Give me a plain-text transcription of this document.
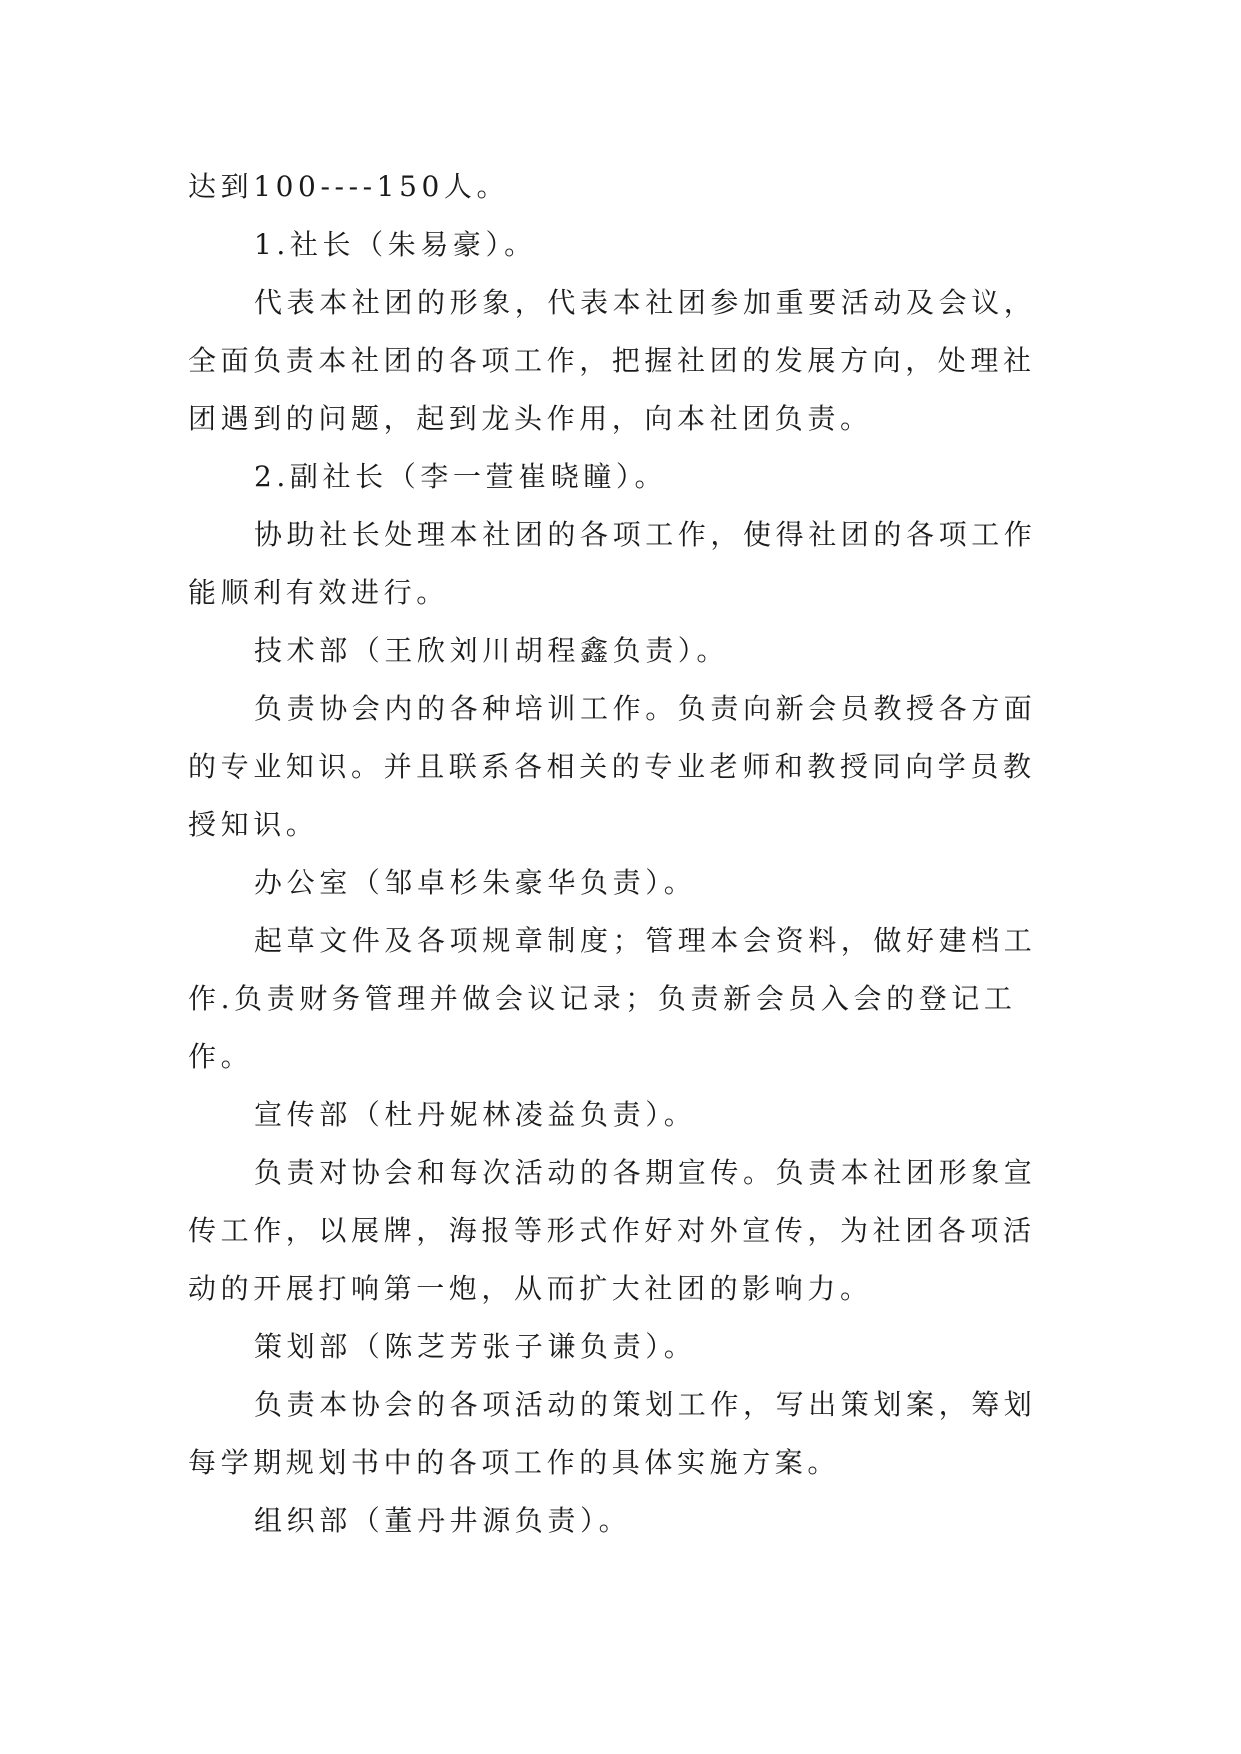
达到100----150人。
1.社长（朱易豪）。
代表本社团的形象，代表本社团参加重要活动及会议，
全面负责本社团的各项工作，把握社团的发展方向，处理社
团遇到的问题，起到龙头作用，向本社团负责。
2.副社长（李一萱崔晓瞳）。
协助社长处理本社团的各项工作，使得社团的各项工作
能顺利有效进行。
技术部（王欣刘川胡程鑫负责）。
负责协会内的各种培训工作。负责向新会员教授各方面
的专业知识。并且联系各相关的专业老师和教授同向学员教
授知识。
办公室（邹卓杉朱豪华负责）。
起草文件及各项规章制度；管理本会资料，做好建档工
作.负责财务管理并做会议记录；负责新会员入会的登记工
作。
宣传部（杜丹妮林凌益负责）。
负责对协会和每次活动的各期宣传。负责本社团形象宣
传工作，以展牌，海报等形式作好对外宣传，为社团各项活
动的开展打响第一炮，从而扩大社团的影响力。
策划部（陈芝芳张子谦负责）。
负责本协会的各项活动的策划工作，写出策划案，筹划
每学期规划书中的各项工作的具体实施方案。
组织部（董丹井源负责）。
